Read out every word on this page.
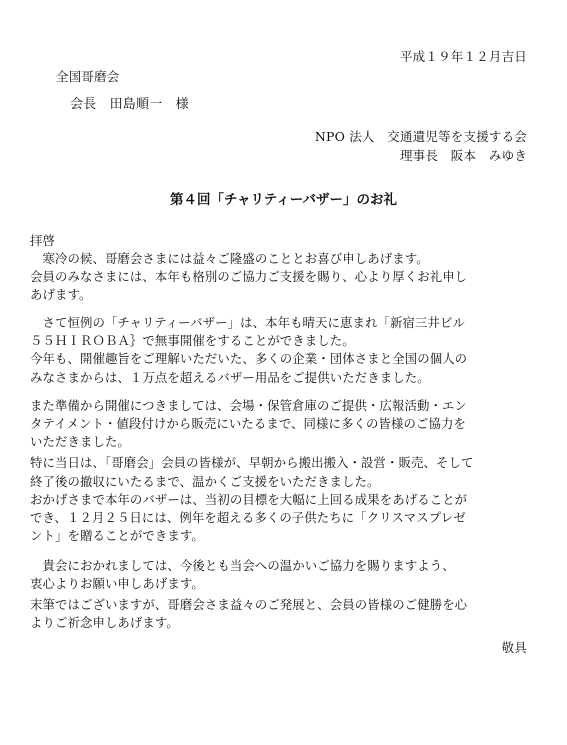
平成１９年１２月吉日
全国哥磨会
会長　田島順一　様
NPO 法人　交通遺児等を支援する会
理事長　阪本　みゆき
第４回「チャリティーバザー」のお礼
拝啓
　寒冷の候、哥磨会さまには益々ご隆盛のこととお喜び申しあげます。
会員のみなさまには、本年も格別のご協力ご支援を賜り、心より厚くお礼申し
あげます。
　さて恒例の「チャリティーバザー」は、本年も晴天に恵まれ「新宿三井ビル
５５ＨＩＲＯＢＡ｝で無事開催をすることができました。
今年も、開催趣旨をご理解いただいた、多くの企業・団体さまと全国の個人の
みなさまからは、１万点を超えるバザー用品をご提供いただきました。
また準備から開催につきましては、会場・保管倉庫のご提供・広報活動・エン
タテイメント・値段付けから販売にいたるまで、同様に多くの皆様のご協力を
いただきました。
特に当日は、「哥磨会」会員の皆様が、早朝から搬出搬入・設営・販売、そして
終了後の撤収にいたるまで、温かくご支援をいただきました。
おかげさまで本年のバザーは、当初の目標を大幅に上回る成果をあげることが
でき、１２月２５日には、例年を超える多くの子供たちに「クリスマスプレゼ
ント」を贈ることができます。
　貴会におかれましては、今後とも当会への温かいご協力を賜りますよう、
衷心よりお願い申しあげます。
末筆ではございますが、哥磨会さま益々のご発展と、会員の皆様のご健勝を心
よりご祈念申しあげます。
敬具
